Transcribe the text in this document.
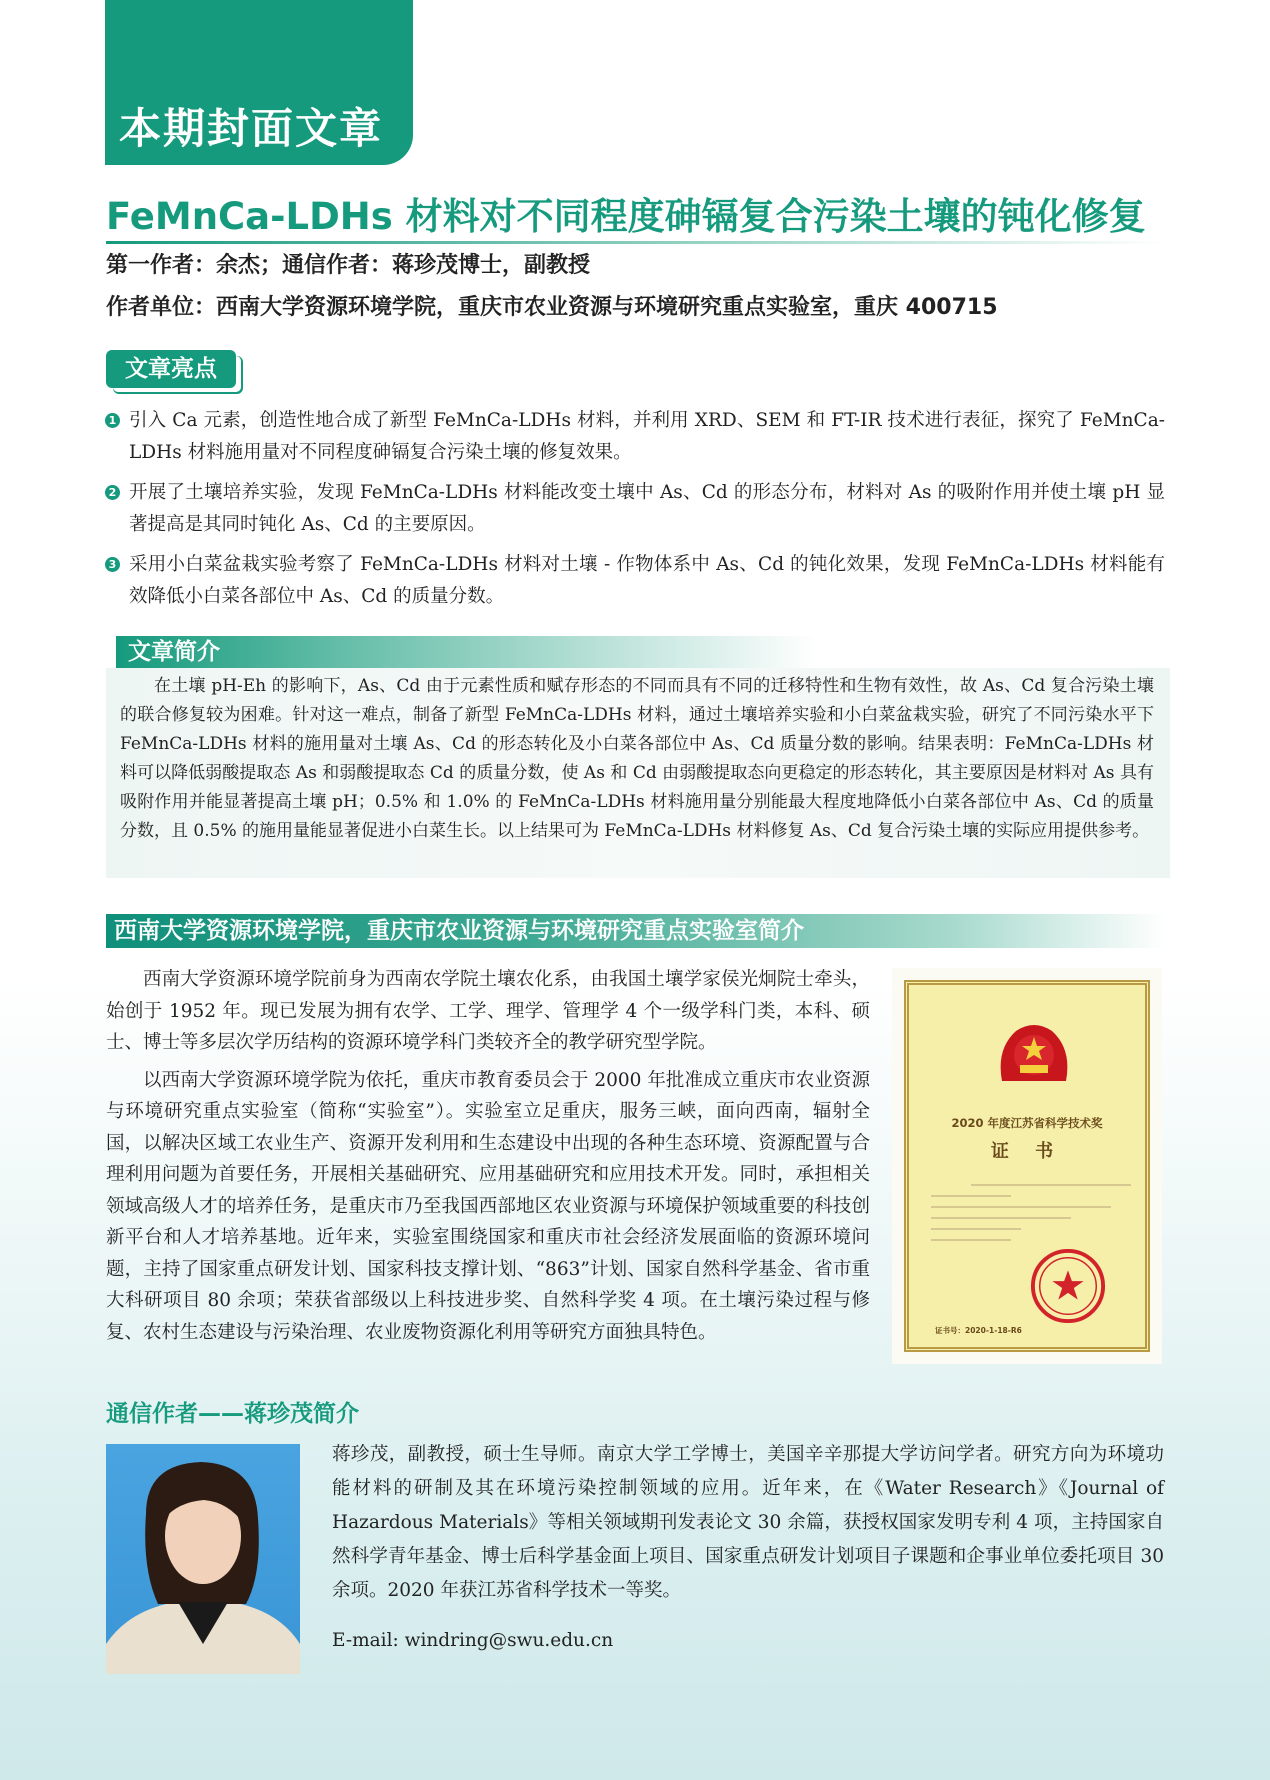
本期封面文章
FeMnCa-LDHs 材料对不同程度砷镉复合污染土壤的钝化修复
第一作者：余杰；通信作者：蒋珍茂博士，副教授
作者单位：西南大学资源环境学院，重庆市农业资源与环境研究重点实验室，重庆 400715
文章亮点
1 引入 Ca 元素，创造性地合成了新型 FeMnCa-LDHs 材料，并利用 XRD、SEM 和 FT-IR 技术进行表征，探究了 FeMnCa-LDHs 材料施用量对不同程度砷镉复合污染土壤的修复效果。
2 开展了土壤培养实验，发现 FeMnCa-LDHs 材料能改变土壤中 As、Cd 的形态分布，材料对 As 的吸附作用并使土壤 pH 显著提高是其同时钝化 As、Cd 的主要原因。
3 采用小白菜盆栽实验考察了 FeMnCa-LDHs 材料对土壤 - 作物体系中 As、Cd 的钝化效果，发现 FeMnCa-LDHs 材料能有效降低小白菜各部位中 As、Cd 的质量分数。
文章简介

在土壤 pH-Eh 的影响下，As、Cd 由于元素性质和赋存形态的不同而具有不同的迁移特性和生物有效性，故 As、Cd 复合污染土壤的联合修复较为困难。针对这一难点，制备了新型 FeMnCa-LDHs 材料，通过土壤培养实验和小白菜盆栽实验，研究了不同污染水平下 FeMnCa-LDHs 材料的施用量对土壤 As、Cd 的形态转化及小白菜各部位中 As、Cd 质量分数的影响。结果表明：FeMnCa-LDHs 材料可以降低弱酸提取态 As 和弱酸提取态 Cd 的质量分数，使 As 和 Cd 由弱酸提取态向更稳定的形态转化，其主要原因是材料对 As 具有吸附作用并能显著提高土壤 pH；0.5% 和 1.0% 的 FeMnCa-LDHs 材料施用量分别能最大程度地降低小白菜各部位中 As、Cd 的质量分数，且 0.5% 的施用量能显著促进小白菜生长。以上结果可为 FeMnCa-LDHs 材料修复 As、Cd 复合污染土壤的实际应用提供参考。

西南大学资源环境学院，重庆市农业资源与环境研究重点实验室简介

西南大学资源环境学院前身为西南农学院土壤农化系，由我国土壤学家侯光炯院士牵头，始创于 1952 年。现已发展为拥有农学、工学、理学、管理学 4 个一级学科门类，本科、硕士、博士等多层次学历结构的资源环境学科门类较齐全的教学研究型学院。

以西南大学资源环境学院为依托，重庆市教育委员会于 2000 年批准成立重庆市农业资源与环境研究重点实验室（简称“实验室”）。实验室立足重庆，服务三峡，面向西南，辐射全国，以解决区域工农业生产、资源开发利用和生态建设中出现的各种生态环境、资源配置与合理利用问题为首要任务，开展相关基础研究、应用基础研究和应用技术开发。同时，承担相关领域高级人才的培养任务，是重庆市乃至我国西部地区农业资源与环境保护领域重要的科技创新平台和人才培养基地。近年来，实验室围绕国家和重庆市社会经济发展面临的资源环境问题，主持了国家重点研发计划、国家科技支撑计划、“863”计划、国家自然科学基金、省市重大科研项目 80 余项；荣获省部级以上科技进步奖、自然科学奖 4 项。在土壤污染过程与修复、农村生态建设与污染治理、农业废物资源化利用等研究方面独具特色。

2020 年度江苏省科学技术奖
证 书
证书号：2020-1-18-R6
通信作者——蒋珍茂简介

蒋珍茂，副教授，硕士生导师。南京大学工学博士，美国辛辛那提大学访问学者。研究方向为环境功能材料的研制及其在环境污染控制领域的应用。近年来，在《Water Research》《Journal of Hazardous Materials》等相关领域期刊发表论文 30 余篇，获授权国家发明专利 4 项，主持国家自然科学青年基金、博士后科学基金面上项目、国家重点研发计划项目子课题和企事业单位委托项目 30 余项。2020 年获江苏省科学技术一等奖。

E-mail: windring@swu.edu.cn
